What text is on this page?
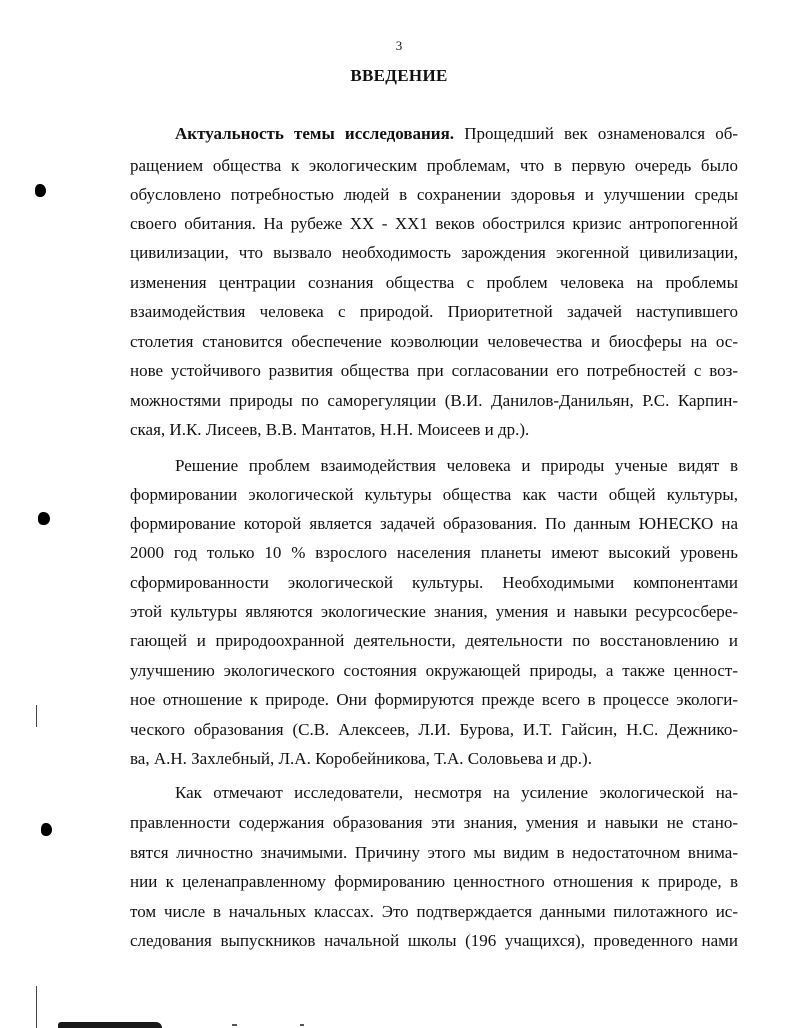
3
ВВЕДЕНИЕ
Актуальность темы исследования. Прощедший век ознаменовался об-
ращением общества к экологическим проблемам, что в первую очередь было
обусловлено потребностью людей в сохранении здоровья и улучшении среды
своего обитания. На рубеже XX - XX1 веков обострился кризис антропогенной
цивилизации, что вызвало необходимость зарождения экогенной цивилизации,
изменения центрации сознания общества с проблем человека на проблемы
взаимодействия человека с природой. Приоритетной задачей наступившего
столетия становится обеспечение коэволюции человечества и биосферы на ос-
нове устойчивого развития общества при согласовании его потребностей с воз-
можностями природы по саморегуляции (В.И. Данилов-Данильян, Р.С. Карпин-
ская, И.К. Лисеев, В.В. Мантатов, Н.Н. Моисеев и др.).
Решение проблем взаимодействия человека и природы ученые видят в
формировании экологической культуры общества как части общей культуры,
формирование которой является задачей образования. По данным ЮНЕСКО на
2000 год только 10 % взрослого населения планеты имеют высокий уровень
сформированности экологической культуры. Необходимыми компонентами
этой культуры являются экологические знания, умения и навыки ресурсосбере-
гающей и природоохранной деятельности, деятельности по восстановлению и
улучшению экологического состояния окружающей природы, а также ценност-
ное отношение к природе. Они формируются прежде всего в процессе экологи-
ческого образования (С.В. Алексеев, Л.И. Бурова, И.Т. Гайсин, Н.С. Дежнико-
ва, А.Н. Захлебный, Л.А. Коробейникова, Т.А. Соловьева и др.).
Как отмечают исследователи, несмотря на усиление экологической на-
правленности содержания образования эти знания, умения и навыки не стано-
вятся личностно значимыми. Причину этого мы видим в недостаточном внима-
нии к целенаправленному формированию ценностного отношения к природе, в
том числе в начальных классах. Это подтверждается данными пилотажного ис-
следования выпускников начальной школы (196 учащихся), проведенного нами
